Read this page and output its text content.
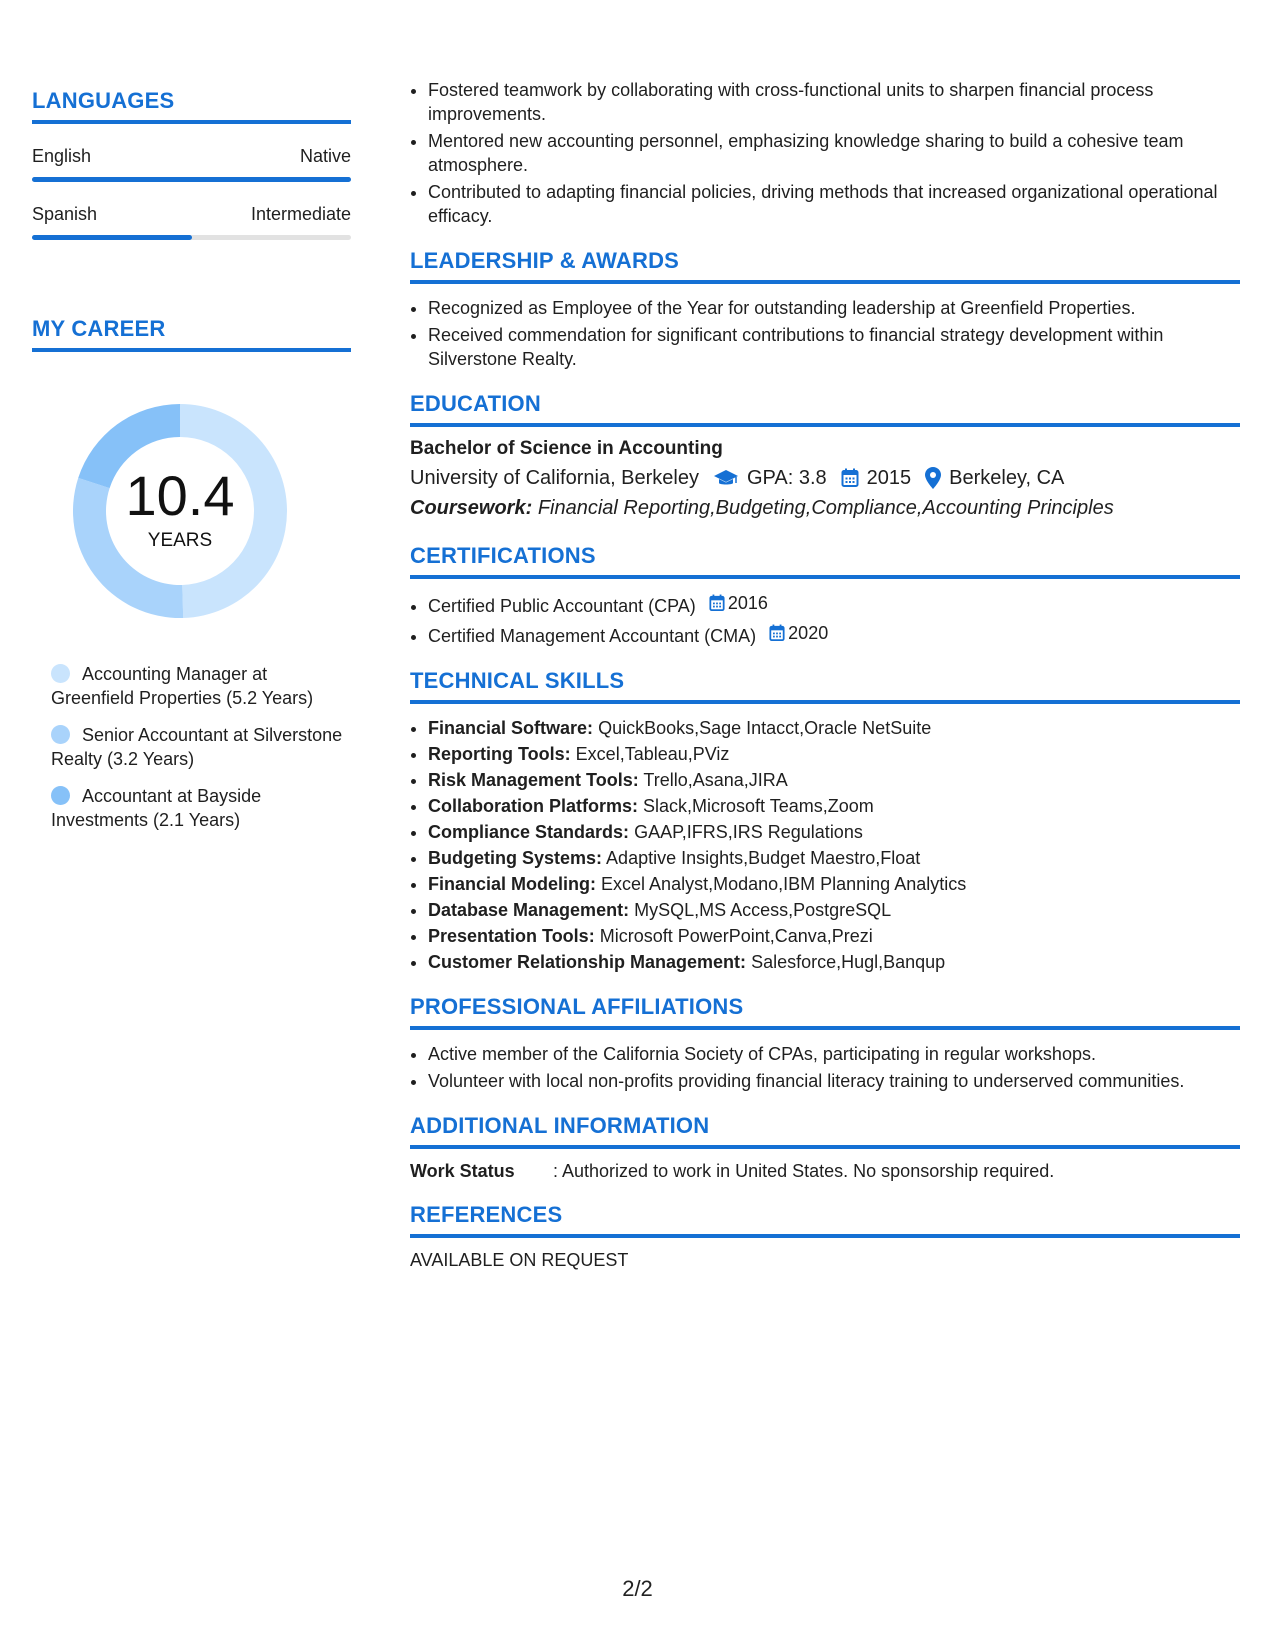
LANGUAGES
English	Native
Spanish	Intermediate
MY CAREER
10.4
YEARS
Accounting Manager at Greenfield Properties (5.2 Years)
Senior Accountant at Silverstone Realty (3.2 Years)
Accountant at Bayside Investments (2.1 Years)
• Fostered teamwork by collaborating with cross-functional units to sharpen financial process improvements.
• Mentored new accounting personnel, emphasizing knowledge sharing to build a cohesive team atmosphere.
• Contributed to adapting financial policies, driving methods that increased organizational operational efficacy.
LEADERSHIP & AWARDS
• Recognized as Employee of the Year for outstanding leadership at Greenfield Properties.
• Received commendation for significant contributions to financial strategy development within Silverstone Realty.
EDUCATION
Bachelor of Science in Accounting
University of California, Berkeley GPA: 3.8 2015 Berkeley, CA
Coursework: Financial Reporting,Budgeting,Compliance,Accounting Principles
CERTIFICATIONS
• Certified Public Accountant (CPA) 2016
• Certified Management Accountant (CMA) 2020
TECHNICAL SKILLS
• Financial Software: QuickBooks,Sage Intacct,Oracle NetSuite
• Reporting Tools: Excel,Tableau,PViz
• Risk Management Tools: Trello,Asana,JIRA
• Collaboration Platforms: Slack,Microsoft Teams,Zoom
• Compliance Standards: GAAP,IFRS,IRS Regulations
• Budgeting Systems: Adaptive Insights,Budget Maestro,Float
• Financial Modeling: Excel Analyst,Modano,IBM Planning Analytics
• Database Management: MySQL,MS Access,PostgreSQL
• Presentation Tools: Microsoft PowerPoint,Canva,Prezi
• Customer Relationship Management: Salesforce,Hugl,Banqup
PROFESSIONAL AFFILIATIONS
• Active member of the California Society of CPAs, participating in regular workshops.
• Volunteer with local non-profits providing financial literacy training to underserved communities.
ADDITIONAL INFORMATION
Work Status	: Authorized to work in United States. No sponsorship required.
REFERENCES
AVAILABLE ON REQUEST
2/2
